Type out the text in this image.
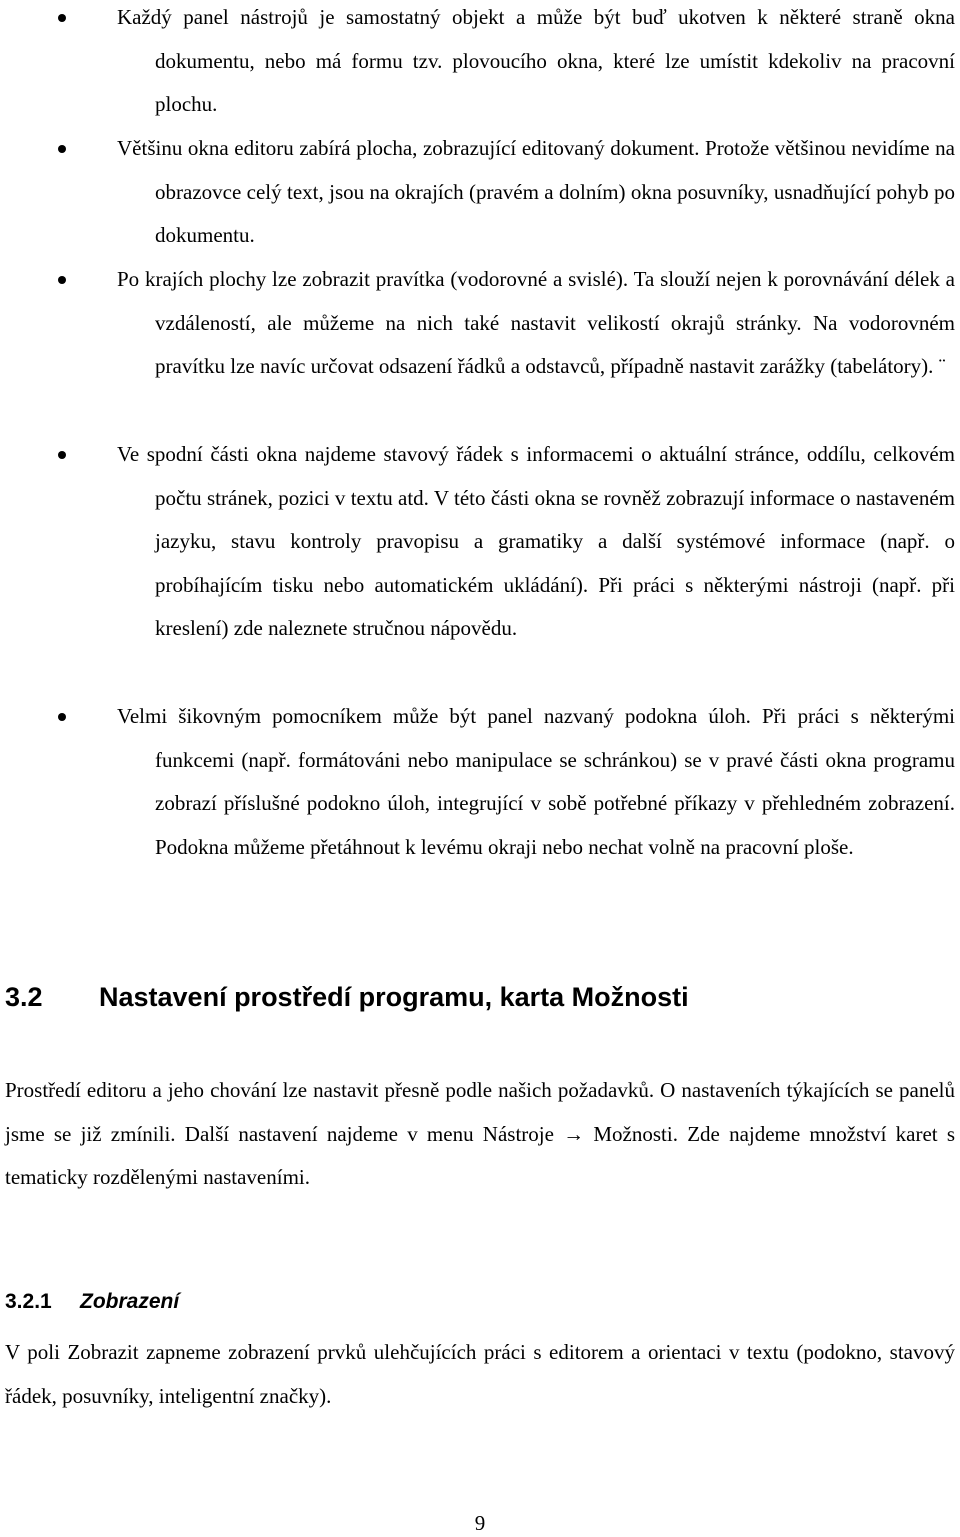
Každý panel nástrojů je samostatný objekt a může být buď ukotven k některé straně okna dokumentu, nebo má formu tzv. plovoucího okna, které lze umístit kdekoliv na pracovní plochu.
Většinu okna editoru zabírá plocha, zobrazující editovaný dokument. Protože většinou nevidíme na obrazovce celý text, jsou na okrajích (pravém a dolním) okna posuvníky, usnadňující pohyb po dokumentu.
Po krajích plochy lze zobrazit pravítka (vodorovné a svislé). Ta slouží nejen k porovnávání délek a vzdáleností, ale můžeme na nich také nastavit velikostí okrajů stránky. Na vodorovném pravítku lze navíc určovat odsazení řádků a odstavců, případně nastavit zarážky (tabelátory). ¨
Ve spodní části okna najdeme stavový řádek s informacemi o aktuální stránce, oddílu, celkovém počtu stránek, pozici v textu atd. V této části okna se rovněž zobrazují informace o nastaveném jazyku, stavu kontroly pravopisu a gramatiky a další systémové informace (např. o probíhajícím tisku nebo automatickém ukládání). Při práci s některými nástroji (např. při kreslení) zde naleznete stručnou nápovědu.
Velmi šikovným pomocníkem může být panel nazvaný podokna úloh. Při práci s některými funkcemi (např. formátováni nebo manipulace se schránkou) se v pravé části okna programu zobrazí příslušné podokno úloh, integrující v sobě potřebné příkazy v přehledném zobrazení. Podokna můžeme přetáhnout k levému okraji nebo nechat volně na pracovní ploše.
3.2 Nastavení prostředí programu, karta Možnosti
Prostředí editoru a jeho chování lze nastavit přesně podle našich požadavků. O nastaveních týkajících se panelů jsme se již zmínili. Další nastavení najdeme v menu Nástroje → Možnosti. Zde najdeme množství karet s tematicky rozdělenými nastaveními.
3.2.1 Zobrazení
V poli Zobrazit zapneme zobrazení prvků ulehčujících práci s editorem a orientaci v textu (podokno, stavový řádek, posuvníky, inteligentní značky).
9
